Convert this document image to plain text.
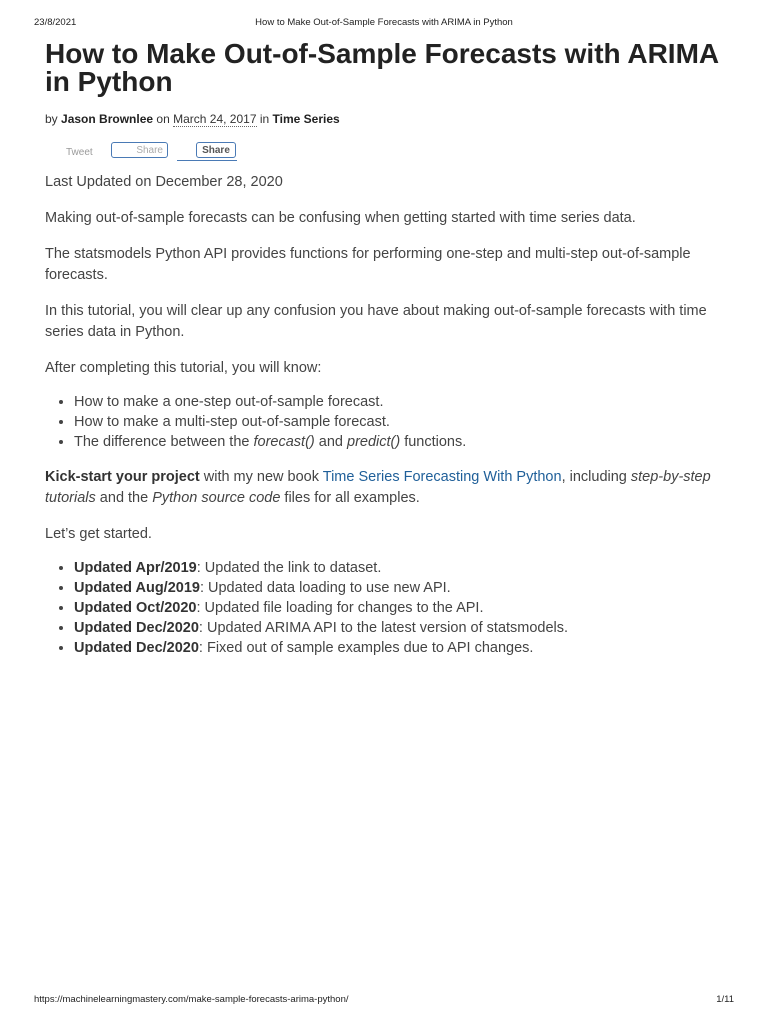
23/8/2021	How to Make Out-of-Sample Forecasts with ARIMA in Python
How to Make Out-of-Sample Forecasts with ARIMA in Python
by Jason Brownlee on March 24, 2017 in Time Series
Tweet	Share	Share

Last Updated on December 28, 2020

Making out-of-sample forecasts can be confusing when getting started with time series data.

The statsmodels Python API provides functions for performing one-step and multi-step out-of-sample forecasts.

In this tutorial, you will clear up any confusion you have about making out-of-sample forecasts with time series data in Python.

After completing this tutorial, you will know:

• How to make a one-step out-of-sample forecast.
• How to make a multi-step out-of-sample forecast.
• The difference between the forecast() and predict() functions.

Kick-start your project with my new book Time Series Forecasting With Python, including step-by-step tutorials and the Python source code files for all examples.

Let’s get started.

• Updated Apr/2019: Updated the link to dataset.
• Updated Aug/2019: Updated data loading to use new API.
• Updated Oct/2020: Updated file loading for changes to the API.
• Updated Dec/2020: Updated ARIMA API to the latest version of statsmodels.
• Updated Dec/2020: Fixed out of sample examples due to API changes.
https://machinelearningmastery.com/make-sample-forecasts-arima-python/	1/11
